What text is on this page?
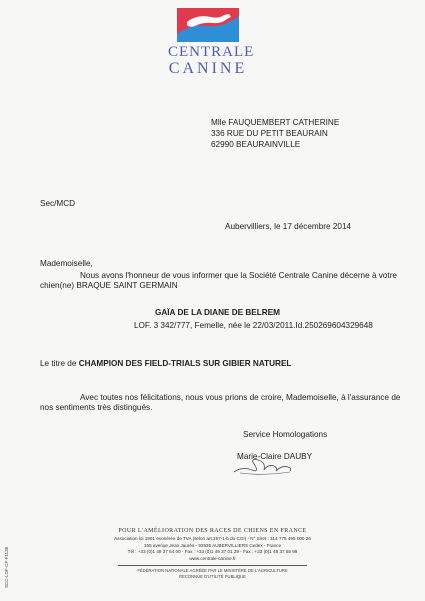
CENTRALE
CANINE
Mlle FAUQUEMBERT CATHERINE
336 RUE DU PETIT BEAURAIN
62990 BEAURAINVILLE
Sec/MCD
Aubervilliers, le 17 décembre 2014
Mademoiselle,
Nous avons l'honneur de vous informer que la Société Centrale Canine décerne à votre
chien(ne) BRAQUE SAINT GERMAIN
GAÏA DE LA DIANE DE BELREM
LOF. 3 342/777, Femelle, née le 22/03/2011.Id.250269604329648
Le titre de CHAMPION DES FIELD-TRIALS SUR GIBIER NATUREL
Avec toutes nos félicitations, nous vous prions de croire, Mademoiselle, à l'assurance de
nos sentiments très distingués.
Service Homologations
Marie-Claire DAUBY
POUR L'AMÉLIORATION DES RACES DE CHIENS EN FRANCE
Association loi 1901 exonérée de TVA (selon art.267-1-b du CGI) - N° Siret : 314 775 495 000 26
155 avenue Jean Jaurès - 93535 AUBERVILLIERS Cedex - France
Tél : +33 (0)1 49 37 54 00 - Fax : +33 (0)1 49 37 01 29 - Fax : +33 (0)1 49 37 55 99
www.centrale-canine.fr
FÉDÉRATION NATIONALE AGRÉÉE PAR LE MINISTÈRE DE L'AGRICULTURE
RECONNUE D'UTILITÉ PUBLIQUE
SCC-LOF-CF-F1138
